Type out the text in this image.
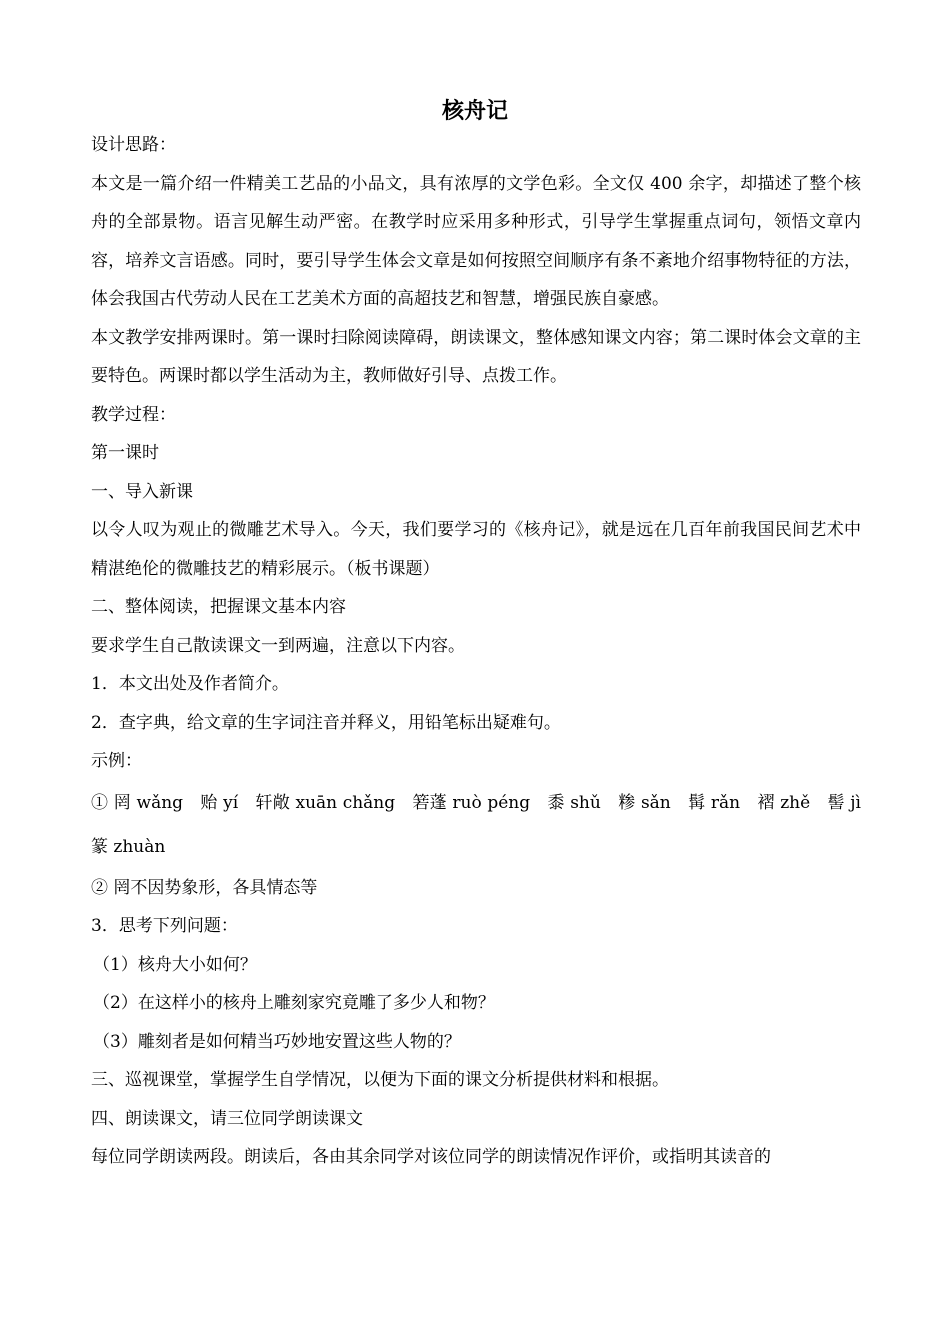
核舟记

设计思路：

本文是一篇介绍一件精美工艺品的小品文，具有浓厚的文学色彩。全文仅 400 余字，却描述了整个核舟的全部景物。语言见解生动严密。在教学时应采用多种形式，引导学生掌握重点词句，领悟文章内容，培养文言语感。同时，要引导学生体会文章是如何按照空间顺序有条不紊地介绍事物特征的方法，体会我国古代劳动人民在工艺美术方面的高超技艺和智慧，增强民族自豪感。

本文教学安排两课时。第一课时扫除阅读障碍，朗读课文，整体感知课文内容；第二课时体会文章的主要特色。两课时都以学生活动为主，教师做好引导、点拨工作。

教学过程：

第一课时

一、导入新课

以令人叹为观止的微雕艺术导入。今天，我们要学习的《核舟记》，就是远在几百年前我国民间艺术中精湛绝伦的微雕技艺的精彩展示。（板书课题）

二、整体阅读，把握课文基本内容

要求学生自己散读课文一到两遍，注意以下内容。

1．本文出处及作者简介。

2．查字典，给文章的生字词注音并释义，用铅笔标出疑难句。

示例：

① 罔 wǎng　贻 yí　轩敞 xuān chǎng　箬蓬 ruò péng　黍 shǔ　糁 sǎn　髯 rǎn　褶 zhě　髻 jì　篆 zhuàn

② 罔不因势象形，各具情态等

3．思考下列问题：

（1）核舟大小如何？

（2）在这样小的核舟上雕刻家究竟雕了多少人和物？

（3）雕刻者是如何精当巧妙地安置这些人物的？

三、巡视课堂，掌握学生自学情况，以便为下面的课文分析提供材料和根据。

四、朗读课文，请三位同学朗读课文

每位同学朗读两段。朗读后，各由其余同学对该位同学的朗读情况作评价，或指明其读音的
